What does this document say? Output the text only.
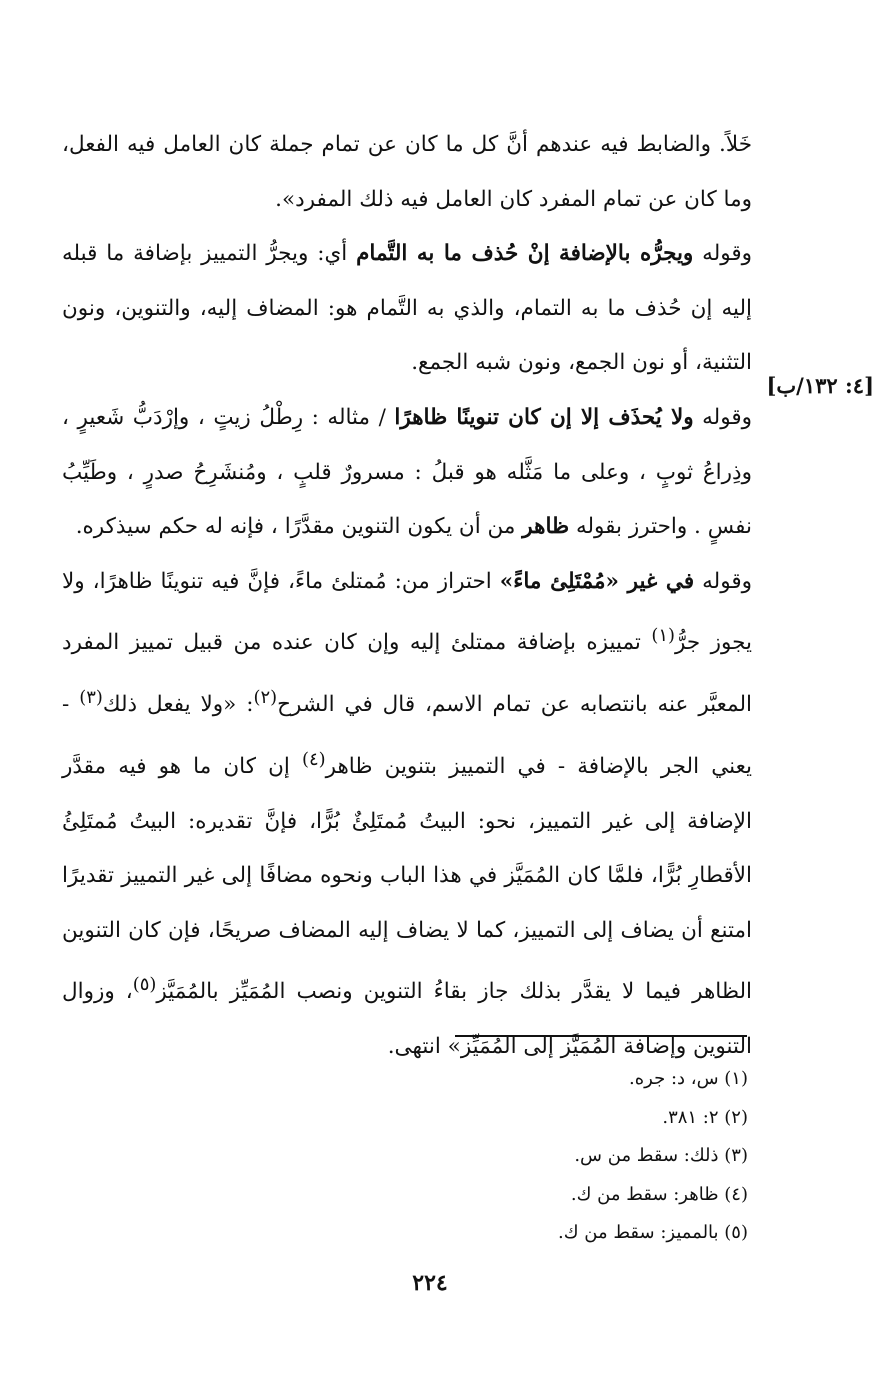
[٤: ١٣٢/ب]

خَلاً. والضابط فيه عندهم أنَّ كل ما كان عن تمام جملة كان العامل فيه الفعل، وما كان عن تمام المفرد كان العامل فيه ذلك المفرد».

وقوله ويجرُّه بالإضافة إنْ حُذف ما به التَّمام أي: ويجرُّ التمييز بإضافة ما قبله إليه إن حُذف ما به التمام، والذي به التَّمام هو: المضاف إليه، والتنوين، ونون التثنية، أو نون الجمع، ونون شبه الجمع.

وقوله ولا يُحذَف إلا إن كان تنوينًا ظاهرًا / مثاله : رِطْلُ زيتٍ ، وإرْدَبُّ شَعيرٍ ، وذِراعُ ثوبٍ ، وعلى ما مَثَّله هو قبلُ : مسرورٌ قلبٍ ، ومُنشَرِحُ صدرٍ ، وطَيِّبُ نفسٍ . واحترز بقوله ظاهر من أن يكون التنوين مقدَّرًا ، فإنه له حكم سيذكره.

وقوله في غير «مُمْتَلِئ ماءً» احتراز من: مُمتلئ ماءً، فإنَّ فيه تنوينًا ظاهرًا، ولا يجوز جرُّ$^{(١)}$ تمييزه بإضافة ممتلئ إليه وإن كان عنده من قبيل تمييز المفرد المعبَّر عنه بانتصابه عن تمام الاسم، قال في الشرح$^{(٢)}$: «ولا يفعل ذلك$^{(٣)}$ - يعني الجر بالإضافة - في التمييز بتنوين ظاهر$^{(٤)}$ إن كان ما هو فيه مقدَّر الإضافة إلى غير التمييز، نحو: البيتُ مُمتَلِئٌ بُرًّا، فإنَّ تقديره: البيتُ مُمتَلِئُ الأقطارِ بُرًّا، فلمَّا كان المُمَيَّز في هذا الباب ونحوه مضافًا إلى غير التمييز تقديرًا امتنع أن يضاف إلى التمييز، كما لا يضاف إليه المضاف صريحًا، فإن كان التنوين الظاهر فيما لا يقدَّر بذلك جاز بقاءُ التنوين ونصب المُمَيِّز بالمُمَيَّز$^{(٥)}$، وزوال التنوين وإضافة المُمَيَّز إلى المُمَيِّز» انتهى.

(١) س، د: جره.
(٢) ٢: ٣٨١.
(٣) ذلك: سقط من س.
(٤) ظاهر: سقط من ك.
(٥) بالمميز: سقط من ك.
٢٢٤
